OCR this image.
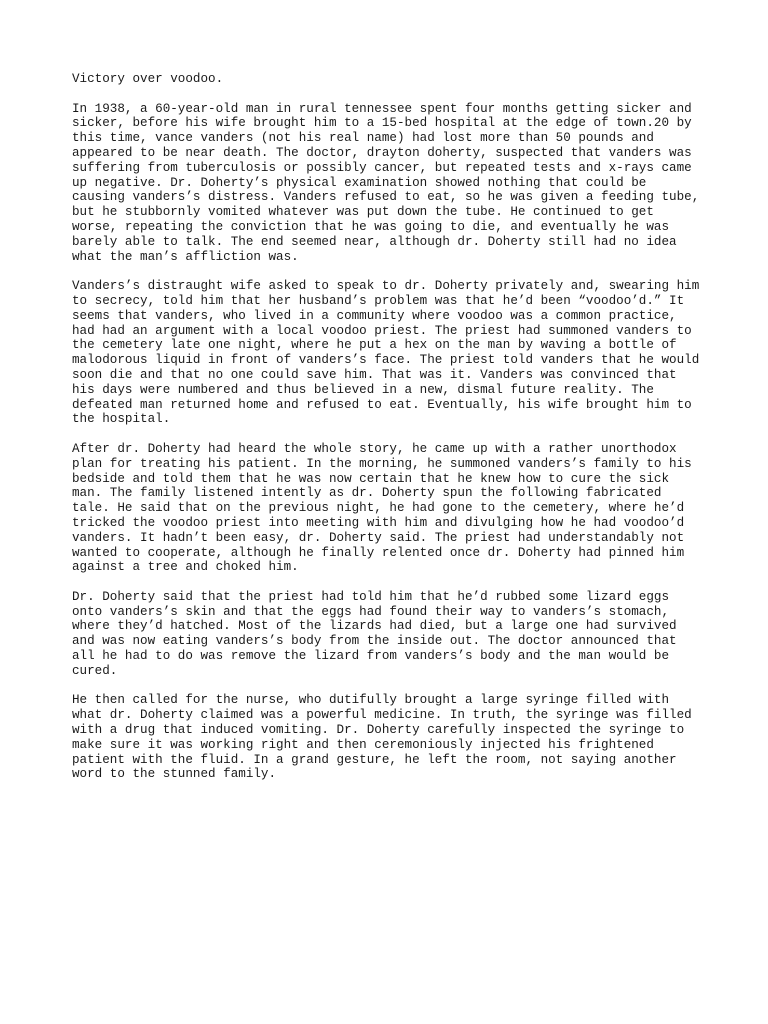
Victory over voodoo.
In 1938, a 60-year-old man in rural tennessee spent four months getting sicker and
sicker, before his wife brought him to a 15-bed hospital at the edge of town.20 by
this time, vance vanders (not his real name) had lost more than 50 pounds and
appeared to be near death. The doctor, drayton doherty, suspected that vanders was
suffering from tuberculosis or possibly cancer, but repeated tests and x-rays came
up negative. Dr. Doherty’s physical examination showed nothing that could be
causing vanders’s distress. Vanders refused to eat, so he was given a feeding tube,
but he stubbornly vomited whatever was put down the tube. He continued to get
worse, repeating the conviction that he was going to die, and eventually he was
barely able to talk. The end seemed near, although dr. Doherty still had no idea
what the man’s affliction was.
Vanders’s distraught wife asked to speak to dr. Doherty privately and, swearing him
to secrecy, told him that her husband’s problem was that he’d been “voodoo’d.” It
seems that vanders, who lived in a community where voodoo was a common practice,
had had an argument with a local voodoo priest. The priest had summoned vanders to
the cemetery late one night, where he put a hex on the man by waving a bottle of
malodorous liquid in front of vanders’s face. The priest told vanders that he would
soon die and that no one could save him. That was it. Vanders was convinced that
his days were numbered and thus believed in a new, dismal future reality. The
defeated man returned home and refused to eat. Eventually, his wife brought him to
the hospital.
After dr. Doherty had heard the whole story, he came up with a rather unorthodox
plan for treating his patient. In the morning, he summoned vanders’s family to his
bedside and told them that he was now certain that he knew how to cure the sick
man. The family listened intently as dr. Doherty spun the following fabricated
tale. He said that on the previous night, he had gone to the cemetery, where he’d
tricked the voodoo priest into meeting with him and divulging how he had voodoo’d
vanders. It hadn’t been easy, dr. Doherty said. The priest had understandably not
wanted to cooperate, although he finally relented once dr. Doherty had pinned him
against a tree and choked him.
Dr. Doherty said that the priest had told him that he’d rubbed some lizard eggs
onto vanders’s skin and that the eggs had found their way to vanders’s stomach,
where they’d hatched. Most of the lizards had died, but a large one had survived
and was now eating vanders’s body from the inside out. The doctor announced that
all he had to do was remove the lizard from vanders’s body and the man would be
cured.
He then called for the nurse, who dutifully brought a large syringe filled with
what dr. Doherty claimed was a powerful medicine. In truth, the syringe was filled
with a drug that induced vomiting. Dr. Doherty carefully inspected the syringe to
make sure it was working right and then ceremoniously injected his frightened
patient with the fluid. In a grand gesture, he left the room, not saying another
word to the stunned family.
